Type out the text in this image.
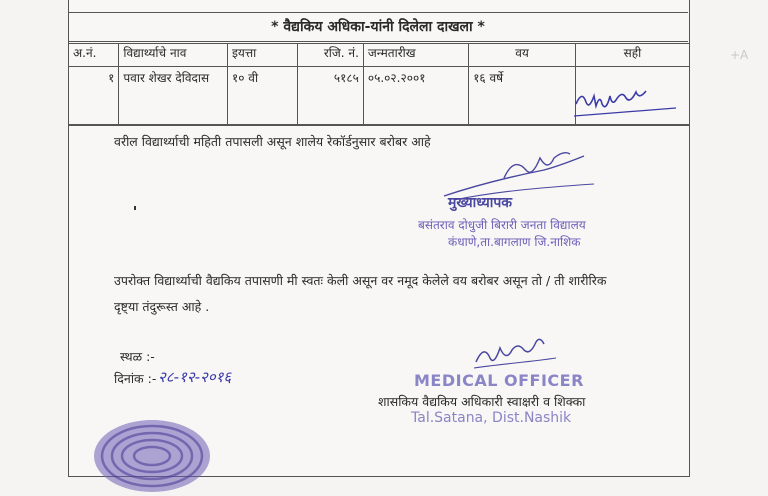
* वैद्यकिय अधिका-यांनी दिलेला दाखला *
अ.नं.	विद्यार्थ्याचे नाव	इयत्ता	रजि. नं.	जन्मतारीख	वय	सही
१	पवार शेखर देविदास	१० वी	५१८५	०५.०२.२००१	१६ वर्षे	
वरील विद्यार्थ्याची महिती तपासली असून शालेय रेकॉर्डनुसार बरोबर आहे
मुख्याध्यापक
बसंतराव दोधुजी बिरारी जनता विद्यालय
कंधाणे,ता.बागलाण जि.नाशिक
उपरोक्त विद्यार्थ्याची वैद्यकिय तपासणी मी स्वतः केली असून वर नमूद केलेले वय बरोबर असून तो / ती शारीरिक दृष्ट्या तंदुरूस्त आहे .
स्थळ :-
दिनांक :- २८-१२-२०१६	MEDICAL OFFICER
शासकिय वैद्यकिय अधिकारी स्वाक्षरी व शिक्का
Tal.Satana, Dist.Nashik
+A
